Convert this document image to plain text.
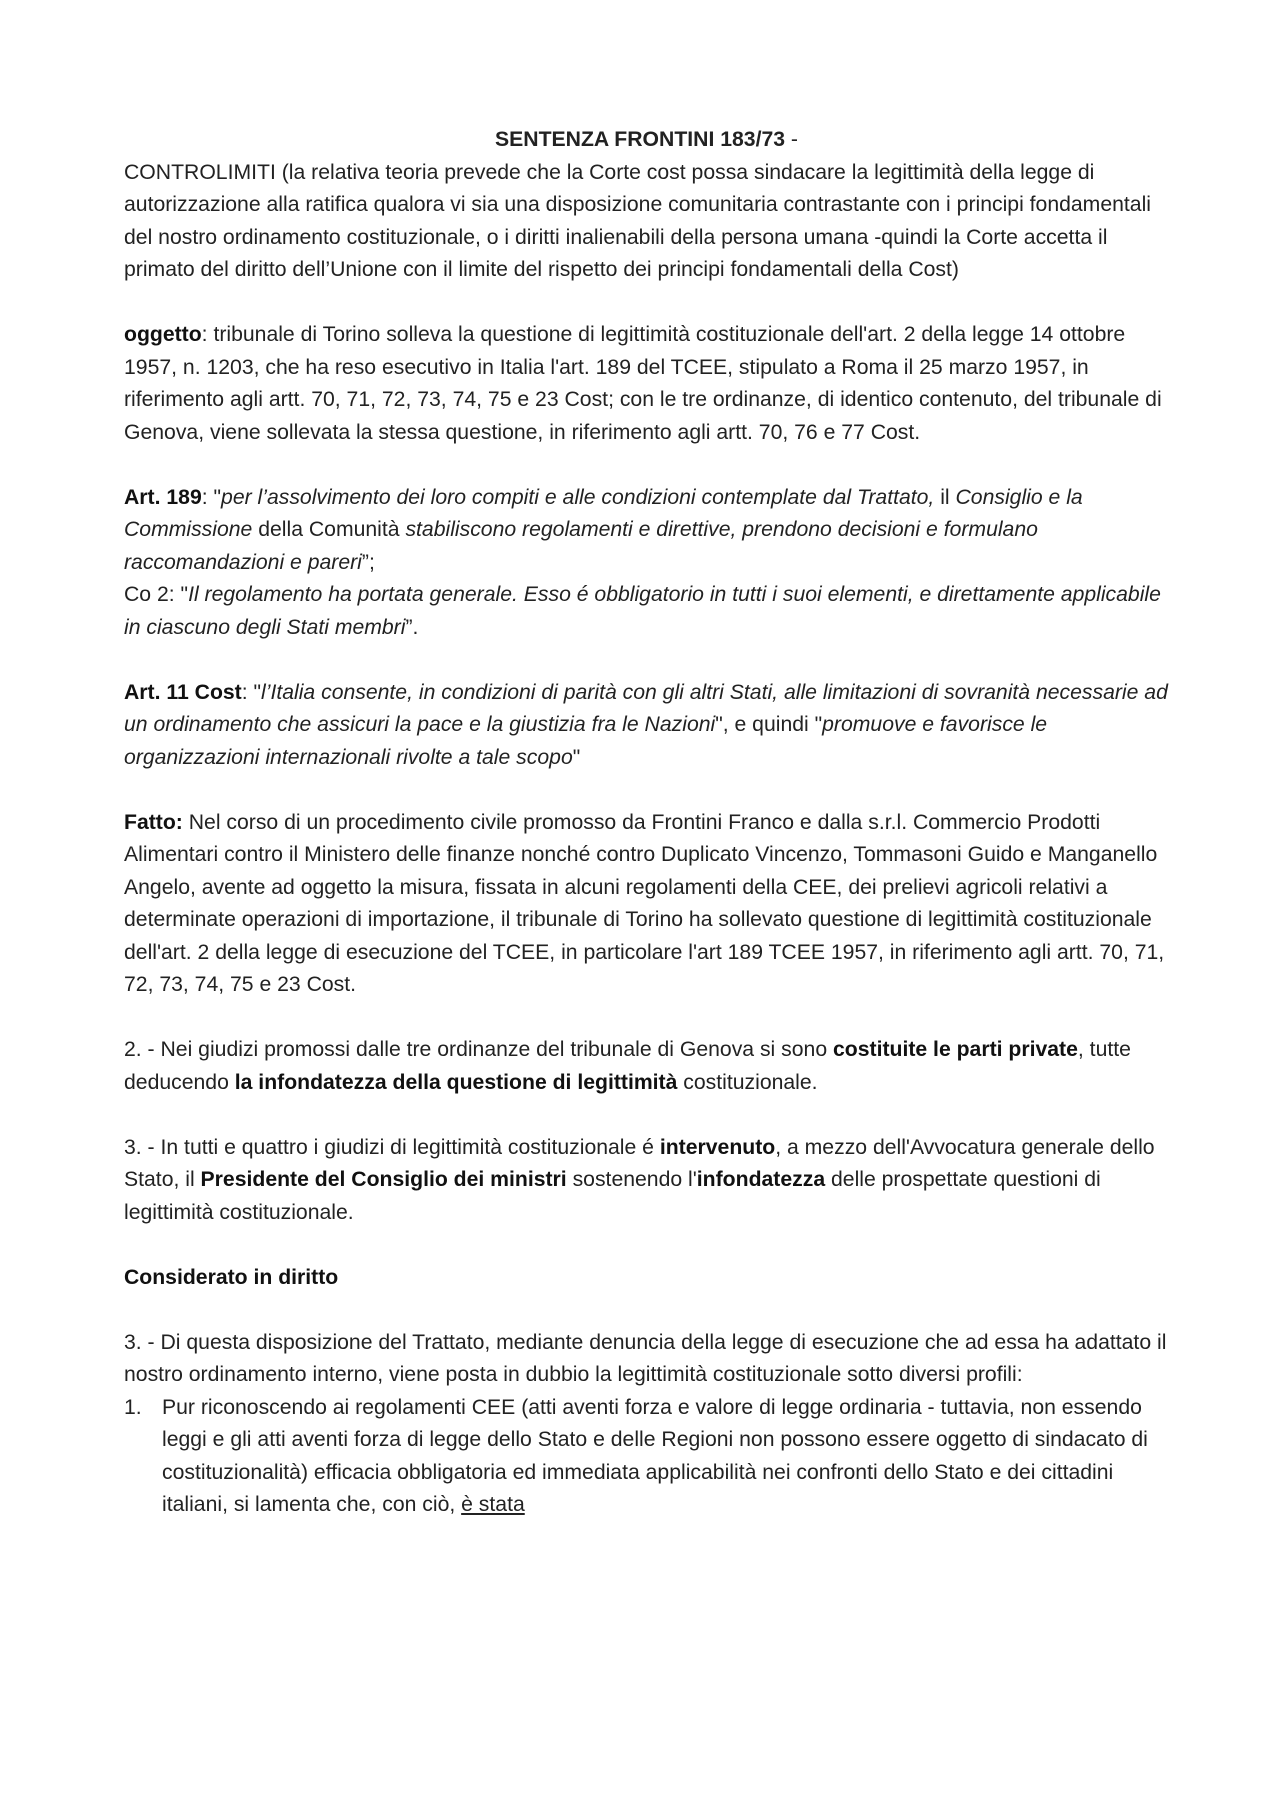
SENTENZA FRONTINI 183/73 -

CONTROLIMITI (la relativa teoria prevede che la Corte cost possa sindacare la legittimità della legge di autorizzazione alla ratifica qualora vi sia una disposizione comunitaria contrastante con i principi fondamentali del nostro ordinamento costituzionale, o i diritti inalienabili della persona umana -quindi la Corte accetta il primato del diritto dell’Unione con il limite del rispetto dei principi fondamentali della Cost)

oggetto: tribunale di Torino solleva la questione di legittimità costituzionale dell'art. 2 della legge 14 ottobre 1957, n. 1203, che ha reso esecutivo in Italia l'art. 189 del TCEE, stipulato a Roma il 25 marzo 1957, in riferimento agli artt. 70, 71, 72, 73, 74, 75 e 23 Cost; con le tre ordinanze, di identico contenuto, del tribunale di Genova, viene sollevata la stessa questione, in riferimento agli artt. 70, 76 e 77 Cost.

Art. 189: "per l’assolvimento dei loro compiti e alle condizioni contemplate dal Trattato, il Consiglio e la Commissione della Comunità stabiliscono regolamenti e direttive, prendono decisioni e formulano raccomandazioni e pareri”;

Co 2: "Il regolamento ha portata generale. Esso é obbligatorio in tutti i suoi elementi, e direttamente applicabile in ciascuno degli Stati membri”.

Art. 11 Cost: "l’Italia consente, in condizioni di parità con gli altri Stati, alle limitazioni di sovranità necessarie ad un ordinamento che assicuri la pace e la giustizia fra le Nazioni", e quindi "promuove e favorisce le organizzazioni internazionali rivolte a tale scopo"

Fatto: Nel corso di un procedimento civile promosso da Frontini Franco e dalla s.r.l. Commercio Prodotti Alimentari contro il Ministero delle finanze nonché contro Duplicato Vincenzo, Tommasoni Guido e Manganello Angelo, avente ad oggetto la misura, fissata in alcuni regolamenti della CEE, dei prelievi agricoli relativi a determinate operazioni di importazione, il tribunale di Torino ha sollevato questione di legittimità costituzionale dell'art. 2 della legge di esecuzione del TCEE, in particolare l'art 189 TCEE 1957, in riferimento agli artt. 70, 71, 72, 73, 74, 75 e 23 Cost.

2. - Nei giudizi promossi dalle tre ordinanze del tribunale di Genova si sono costituite le parti private, tutte deducendo la infondatezza della questione di legittimità costituzionale.

3. - In tutti e quattro i giudizi di legittimità costituzionale é intervenuto, a mezzo dell'Avvocatura generale dello Stato, il Presidente del Consiglio dei ministri sostenendo l'infondatezza delle prospettate questioni di legittimità costituzionale.

Considerato in diritto

3. - Di questa disposizione del Trattato, mediante denuncia della legge di esecuzione che ad essa ha adattato il nostro ordinamento interno, viene posta in dubbio la legittimità costituzionale sotto diversi profili:

1. Pur riconoscendo ai regolamenti CEE (atti aventi forza e valore di legge ordinaria - tuttavia, non essendo leggi e gli atti aventi forza di legge dello Stato e delle Regioni non possono essere oggetto di sindacato di costituzionalità) efficacia obbligatoria ed immediata applicabilità nei confronti dello Stato e dei cittadini italiani, si lamenta che, con ciò, è stata
